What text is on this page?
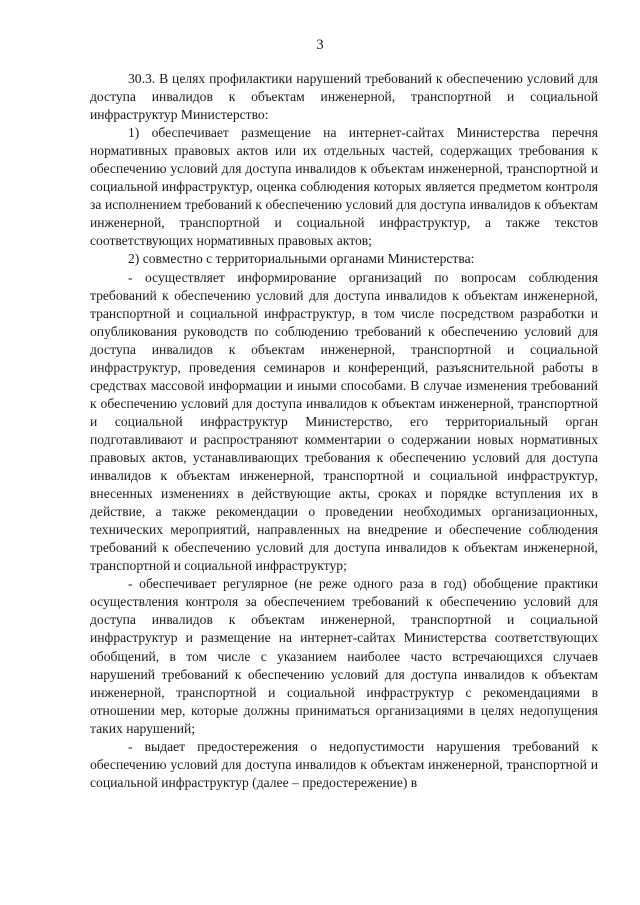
3

30.3. В целях профилактики нарушений требований к обеспечению условий для доступа инвалидов к объектам инженерной, транспортной и социальной инфраструктур Министерство:

1) обеспечивает размещение на интернет-сайтах Министерства перечня нормативных правовых актов или их отдельных частей, содержащих требования к обеспечению условий для доступа инвалидов к объектам инженерной, транспортной и социальной инфраструктур, оценка соблюдения которых является предметом контроля за исполнением требований к обеспечению условий для доступа инвалидов к объектам инженерной, транспортной и социальной инфраструктур, а также текстов соответствующих нормативных правовых актов;

2) совместно с территориальными органами Министерства:

- осуществляет информирование организаций по вопросам соблюдения требований к обеспечению условий для доступа инвалидов к объектам инженерной, транспортной и социальной инфраструктур, в том числе посредством разработки и опубликования руководств по соблюдению требований к обеспечению условий для доступа инвалидов к объектам инженерной, транспортной и социальной инфраструктур, проведения семинаров и конференций, разъяснительной работы в средствах массовой информации и иными способами. В случае изменения требований к обеспечению условий для доступа инвалидов к объектам инженерной, транспортной и социальной инфраструктур Министерство, его территориальный орган подготавливают и распространяют комментарии о содержании новых нормативных правовых актов, устанавливающих требования к обеспечению условий для доступа инвалидов к объектам инженерной, транспортной и социальной инфраструктур, внесенных изменениях в действующие акты, сроках и порядке вступления их в действие, а также рекомендации о проведении необходимых организационных, технических мероприятий, направленных на внедрение и обеспечение соблюдения требований к обеспечению условий для доступа инвалидов к объектам инженерной, транспортной и социальной инфраструктур;

- обеспечивает регулярное (не реже одного раза в год) обобщение практики осуществления контроля за обеспечением требований к обеспечению условий для доступа инвалидов к объектам инженерной, транспортной и социальной инфраструктур и размещение на интернет-сайтах Министерства соответствующих обобщений, в том числе с указанием наиболее часто встречающихся случаев нарушений требований к обеспечению условий для доступа инвалидов к объектам инженерной, транспортной и социальной инфраструктур с рекомендациями в отношении мер, которые должны приниматься организациями в целях недопущения таких нарушений;

- выдает предостережения о недопустимости нарушения требований к обеспечению условий для доступа инвалидов к объектам инженерной, транспортной и социальной инфраструктур (далее – предостережение) в
